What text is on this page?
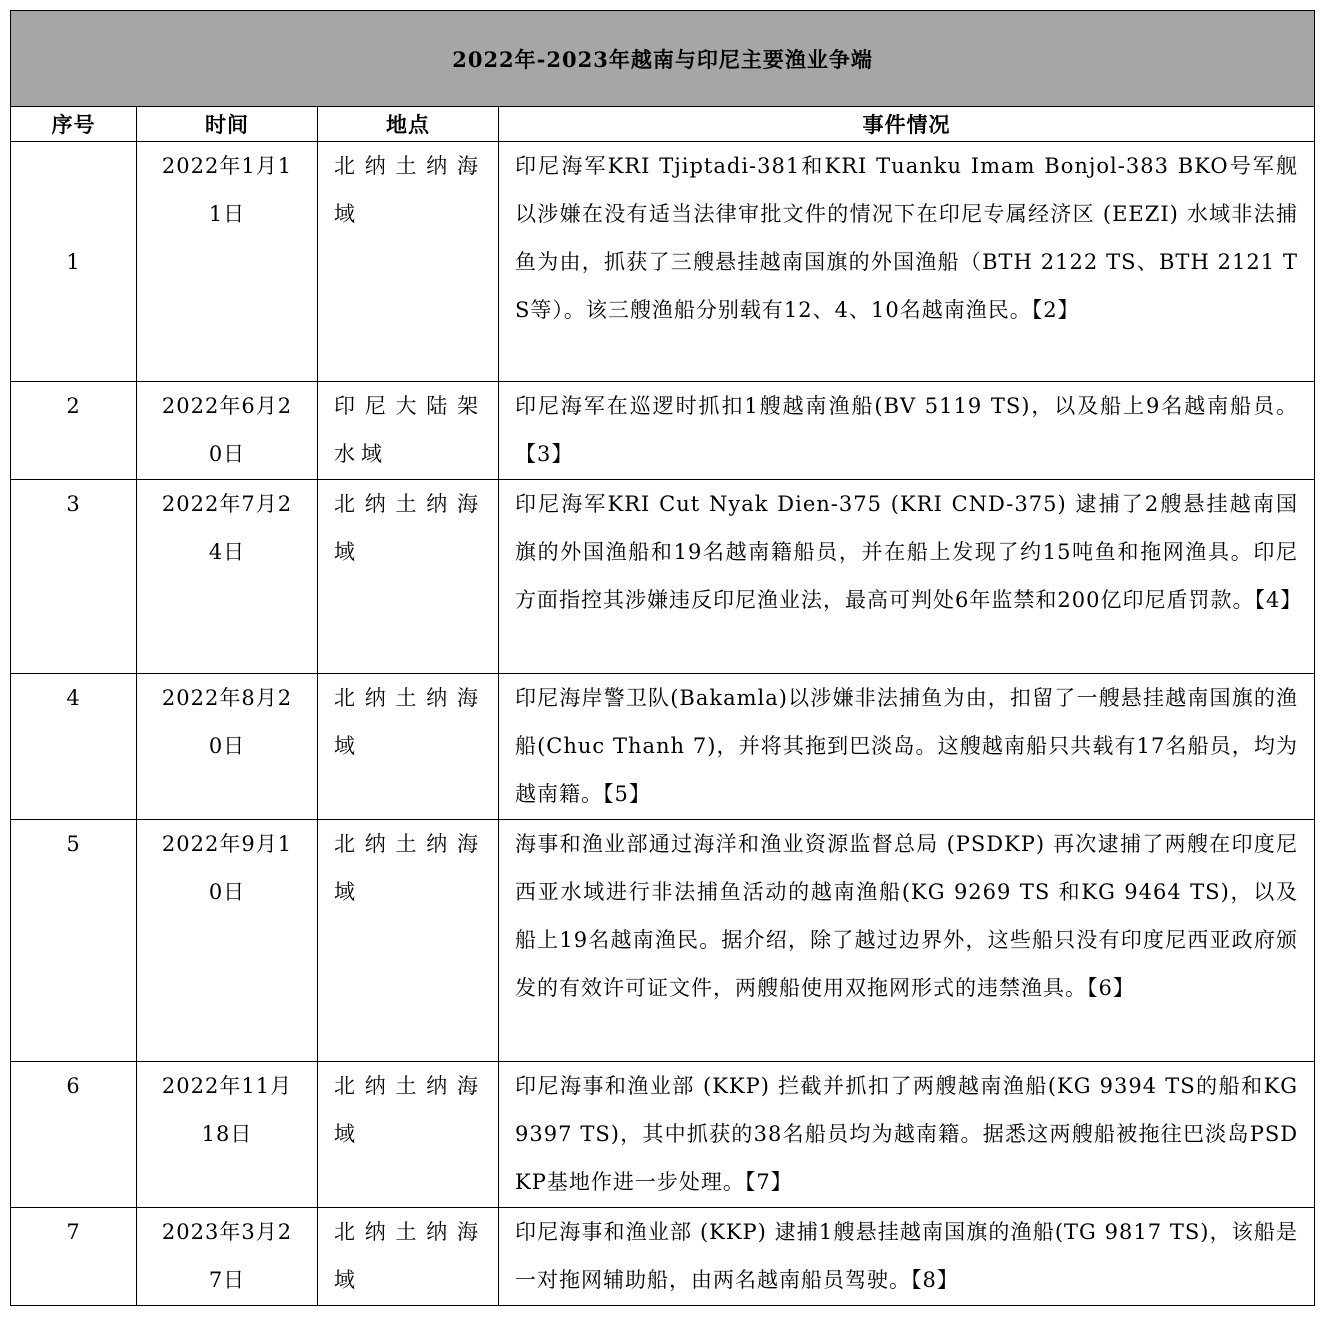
2022年-2023年越南与印尼主要渔业争端			
序号	时间	地点	事件情况
1	2022年1月11日	北纳土纳海域	印尼海军KRI Tjiptadi-381和KRI Tuanku Imam Bonjol-383 BKO号军舰以涉嫌在没有适当法律审批文件的情况下在印尼专属经济区 (EEZI) 水域非法捕鱼为由，抓获了三艘悬挂越南国旗的外国渔船（BTH 2122 TS、BTH 2121 TS等）。该三艘渔船分别载有12、4、10名越南渔民。【2】
2	2022年6月20日	印尼大陆架水域	印尼海军在巡逻时抓扣1艘越南渔船(BV 5119 TS)，以及船上9名越南船员。【3】
3	2022年7月24日	北纳土纳海域	印尼海军KRI Cut Nyak Dien-375 (KRI CND-375) 逮捕了2艘悬挂越南国旗的外国渔船和19名越南籍船员，并在船上发现了约15吨鱼和拖网渔具。印尼方面指控其涉嫌违反印尼渔业法，最高可判处6年监禁和200亿印尼盾罚款。【4】
4	2022年8月20日	北纳土纳海域	印尼海岸警卫队(Bakamla)以涉嫌非法捕鱼为由，扣留了一艘悬挂越南国旗的渔船(Chuc Thanh 7)，并将其拖到巴淡岛。这艘越南船只共载有17名船员，均为越南籍。【5】
5	2022年9月10日	北纳土纳海域	海事和渔业部通过海洋和渔业资源监督总局 (PSDKP) 再次逮捕了两艘在印度尼西亚水域进行非法捕鱼活动的越南渔船(KG 9269 TS 和KG 9464 TS)，以及船上19名越南渔民。据介绍，除了越过边界外，这些船只没有印度尼西亚政府颁发的有效许可证文件，两艘船使用双拖网形式的违禁渔具。【6】
6	2022年11月18日	北纳土纳海域	印尼海事和渔业部 (KKP) 拦截并抓扣了两艘越南渔船(KG 9394 TS的船和KG 9397 TS)，其中抓获的38名船员均为越南籍。据悉这两艘船被拖往巴淡岛PSDKP基地作进一步处理。【7】
7	2023年3月27日	北纳土纳海域	印尼海事和渔业部 (KKP) 逮捕1艘悬挂越南国旗的渔船(TG 9817 TS)，该船是一对拖网辅助船，由两名越南船员驾驶。【8】
